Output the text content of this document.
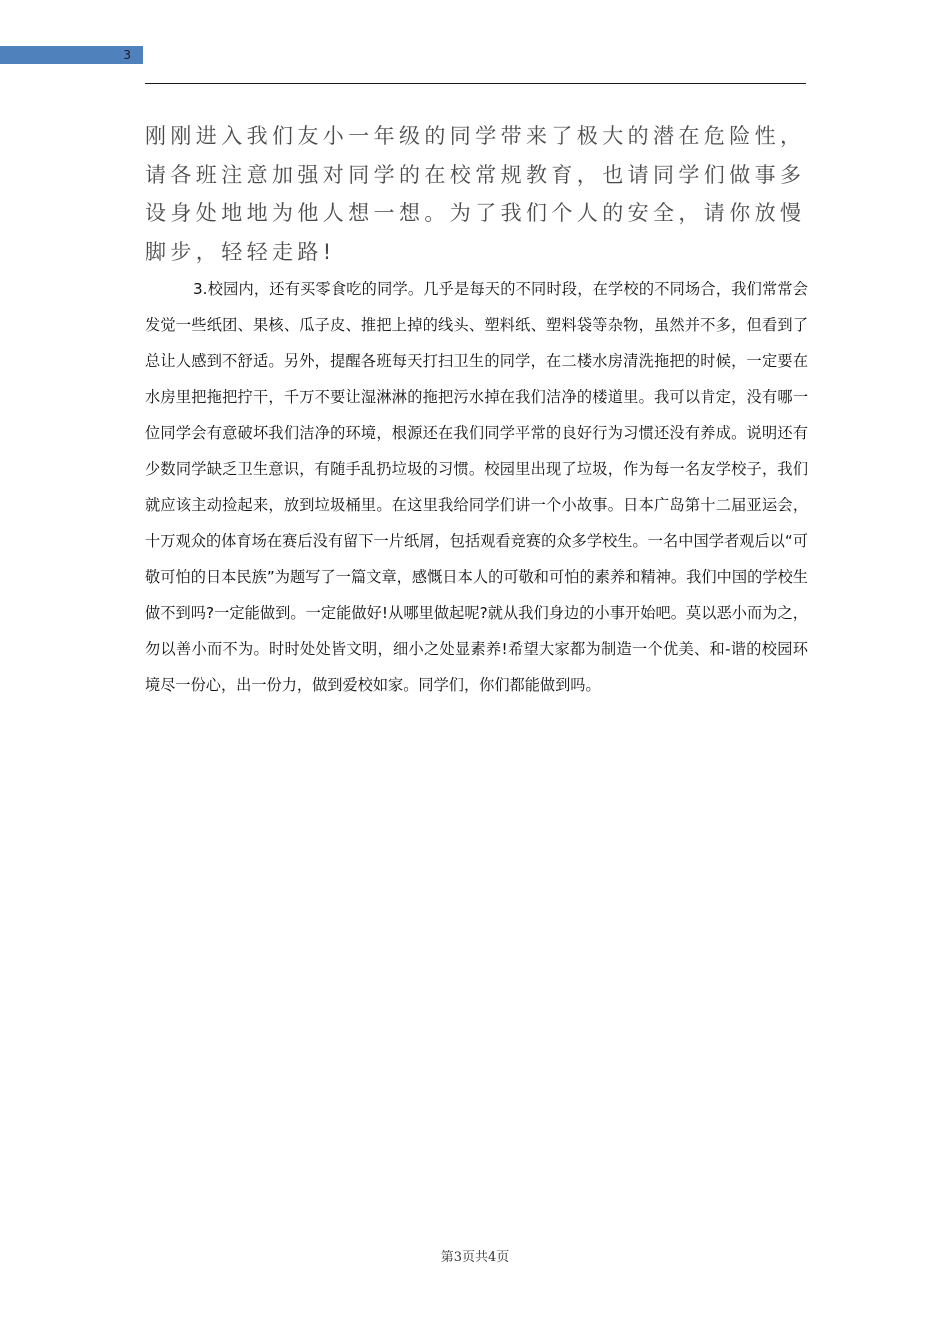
3

刚刚进入我们友小一年级的同学带来了极大的潜在危险性，请各班注意加强对同学的在校常规教育，也请同学们做事多设身处地地为他人想一想。为了我们个人的安全，请你放慢脚步，轻轻走路!

3.校园内，还有买零食吃的同学。几乎是每天的不同时段，在学校的不同场合，我们常常会发觉一些纸团、果核、瓜子皮、推把上掉的线头、塑料纸、塑料袋等杂物，虽然并不多，但看到了总让人感到不舒适。另外，提醒各班每天打扫卫生的同学，在二楼水房清洗拖把的时候，一定要在水房里把拖把拧干，千万不要让湿淋淋的拖把污水掉在我们洁净的楼道里。我可以肯定，没有哪一位同学会有意破坏我们洁净的环境，根源还在我们同学平常的良好行为习惯还没有养成。说明还有少数同学缺乏卫生意识，有随手乱扔垃圾的习惯。校园里出现了垃圾，作为每一名友学校子，我们就应该主动捡起来，放到垃圾桶里。在这里我给同学们讲一个小故事。日本广岛第十二届亚运会，十万观众的体育场在赛后没有留下一片纸屑，包括观看竞赛的众多学校生。一名中国学者观后以“可敬可怕的日本民族”为题写了一篇文章，感慨日本人的可敬和可怕的素养和精神。我们中国的学校生做不到吗?一定能做到。一定能做好!从哪里做起呢?就从我们身边的小事开始吧。莫以恶小而为之，勿以善小而不为。时时处处皆文明，细小之处显素养!希望大家都为制造一个优美、和-谐的校园环境尽一份心，出一份力，做到爱校如家。同学们，你们都能做到吗。

第3页共4页
